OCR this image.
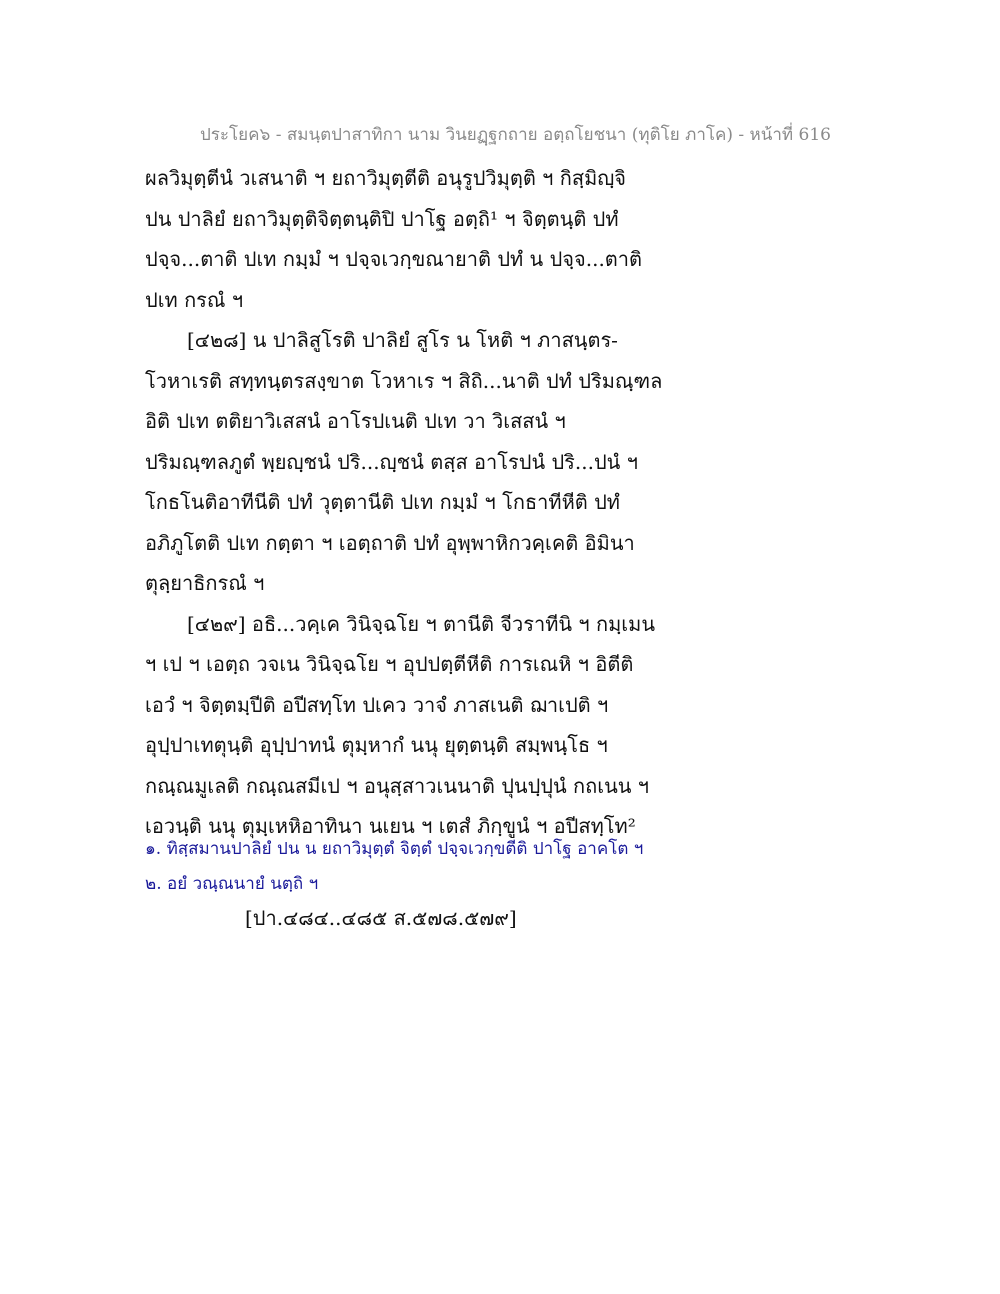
ประโยค๖ - สมนฺตปาสาทิกา นาม วินยฏฺฐกถาย อตฺถโยชนา (ทุติโย ภาโค) - หน้าที่ 616
ผลวิมุตฺตีนํ วเสนาติ ฯ ยถาวิมุตฺตีติ อนุรูปวิมุตฺติ ฯ กิสฺมิญฺจิ
ปน ปาลิยํ ยถาวิมุตฺติจิตฺตนฺติปิ ปาโฐ อตฺถิ¹ ฯ จิตฺตนฺติ ปทํ
ปจฺจ...ตาติ ปเท กมฺมํ ฯ ปจฺจเวกฺขณายาติ ปทํ น ปจฺจ...ตาติ
ปเท กรณํ ฯ
[๔๒๘] น ปาลิสูโรติ ปาลิยํ สูโร น โหติ ฯ ภาสนฺตร-
โวหาเรติ สทฺทนฺตรสงฺขาต โวหาเร ฯ สิถิ...นาติ ปทํ ปริมณฺฑล
อิติ ปเท ตติยาวิเสสนํ อาโรปเนติ ปเท วา วิเสสนํ ฯ
ปริมณฺฑลภูตํ พฺยญฺชนํ ปริ...ญฺชนํ ตสฺส อาโรปนํ ปริ...ปนํ ฯ
โกธโนติอาทีนีติ ปทํ วุตฺตานีติ ปเท กมฺมํ ฯ โกธาทีหีติ ปทํ
อภิภูโตติ ปเท กตฺตา ฯ เอตฺถาติ ปทํ อุพฺพาหิกวคฺเคติ อิมินา
ตุลฺยาธิกรณํ ฯ
[๔๒๙] อธิ...วคฺเค วินิจฺฉโย ฯ ตานีติ จีวราทีนิ ฯ กมฺเมน
ฯ เป ฯ เอตฺถ วจเน วินิจฺฉโย ฯ อุปปตฺตีหีติ การเณหิ ฯ อิตีติ
เอวํ ฯ จิตฺตมฺปีติ อปีสทฺโท ปเคว วาจํ ภาสเนติ ฌาเปติ ฯ
อุปฺปาเทตุนฺติ อุปฺปาทนํ ตุมฺหากํ นนุ ยุตฺตนฺติ สมฺพนฺโธ ฯ
กณฺณมูเลติ กณฺณสมีเป ฯ อนุสฺสาวเนนาติ ปุนปฺปุนํ กถเนน ฯ
เอวนฺติ นนุ ตุมฺเหหิอาทินา นเยน ฯ เตสํ ภิกฺขูนํ ฯ อปีสทฺโท²
๑. ทิสฺสมานปาลิยํ ปน น ยถาวิมุตฺตํ จิตฺตํ ปจฺจเวกฺขตีติ ปาโฐ อาคโต ฯ
๒. อยํ วณฺณนายํ นตฺถิ ฯ
[ปา.๔๘๔..๔๘๕ ส.๕๗๘.๕๗๙]
